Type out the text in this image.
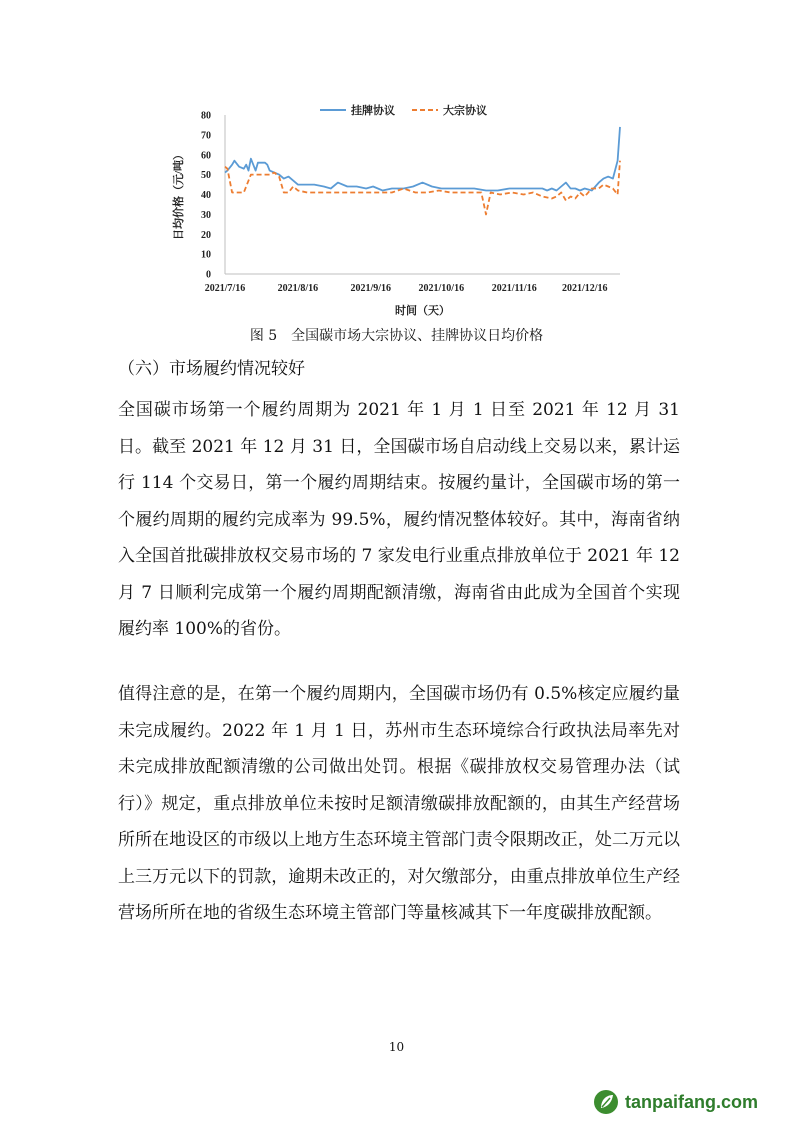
0
10
20
30
40
50
60
70
80
2021/7/16	2021/8/16	2021/9/16	2021/10/16	2021/11/16	2021/12/16
时间（天）
日均价格（元/吨）
挂牌协议	大宗协议
图 5　全国碳市场大宗协议、挂牌协议日均价格
（六）市场履约情况较好

全国碳市场第一个履约周期为 2021 年 1 月 1 日至 2021 年 12 月 31 日。截至 2021 年 12 月 31 日，全国碳市场自启动线上交易以来，累计运行 114 个交易日，第一个履约周期结束。按履约量计，全国碳市场的第一个履约周期的履约完成率为 99.5%，履约情况整体较好。其中，海南省纳入全国首批碳排放权交易市场的 7 家发电行业重点排放单位于 2021 年 12 月 7 日顺利完成第一个履约周期配额清缴，海南省由此成为全国首个实现履约率 100%的省份。

值得注意的是，在第一个履约周期内，全国碳市场仍有 0.5%核定应履约量未完成履约。2022 年 1 月 1 日，苏州市生态环境综合行政执法局率先对未完成排放配额清缴的公司做出处罚。根据《碳排放权交易管理办法（试行）》规定，重点排放单位未按时足额清缴碳排放配额的，由其生产经营场所所在地设区的市级以上地方生态环境主管部门责令限期改正，处二万元以上三万元以下的罚款，逾期未改正的，对欠缴部分，由重点排放单位生产经营场所所在地的省级生态环境主管部门等量核减其下一年度碳排放配额。

10
tanpaifang.com
